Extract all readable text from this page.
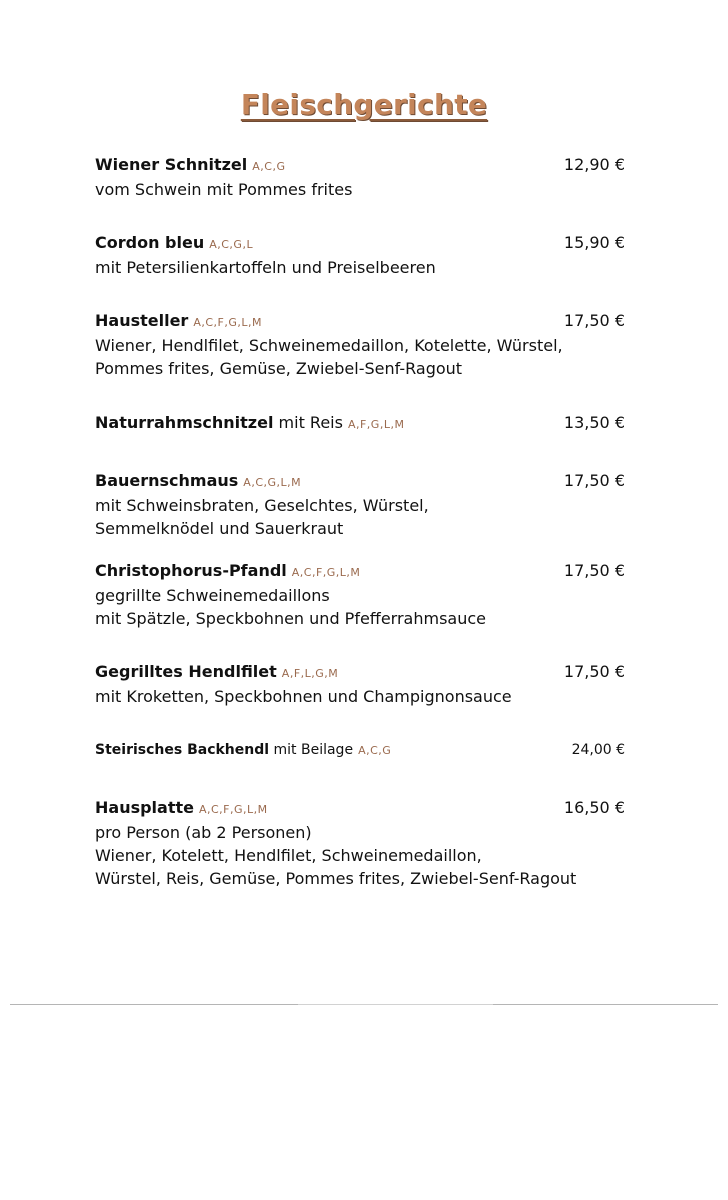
Fleischgerichte
Wiener Schnitzel A,C,G	12,90 €
vom Schwein mit Pommes frites
Cordon bleu A,C,G,L	15,90 €
mit Petersilienkartoffeln und Preiselbeeren
Hausteller A,C,F,G,L,M	17,50 €
Wiener, Hendlfilet, Schweinemedaillon, Kotelette, Würstel,
Pommes frites, Gemüse, Zwiebel-Senf-Ragout
Naturrahmschnitzel mit Reis A,F,G,L,M	13,50 €
Bauernschmaus A,C,G,L,M	17,50 €
mit Schweinsbraten, Geselchtes, Würstel,
Semmelknödel und Sauerkraut
Christophorus-Pfandl A,C,F,G,L,M	17,50 €
gegrillte Schweinemedaillons
mit Spätzle, Speckbohnen und Pfefferrahmsauce
Gegrilltes Hendlfilet A,F,L,G,M	17,50 €
mit Kroketten, Speckbohnen und Champignonsauce
Steirisches Backhendl mit Beilage A,C,G	24,00 €
Hausplatte A,C,F,G,L,M	16,50 €
pro Person (ab 2 Personen)
Wiener, Kotelett, Hendlfilet, Schweinemedaillon,
Würstel, Reis, Gemüse, Pommes frites, Zwiebel-Senf-Ragout
